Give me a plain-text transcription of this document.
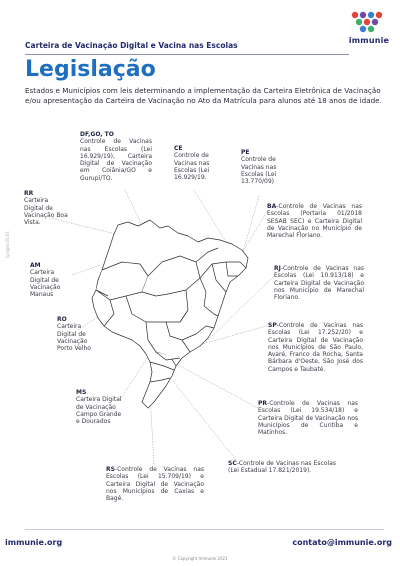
immunie
Carteira de Vacinação Digital e Vacina nas Escolas
Legislação
Estados e Municípios com leis determinando a implementação da Carteira Eletrônica de Vacinação e/ou apresentação da Carteira de Vacinação no Ato da Matrícula para alunos até 18 anos de idade.
Igrapro.00.01
DF,GO, TO
Controle de Vacinas nas Escolas (Lei 16.929/19), Carteira Digital de Vacinação em Coiânia/GO e Gurupi/TO.
CE
Controle de Vacinas nas Escolas (Lei 16.929/19.
PE
Controle de Vacinas nas Escolas (Lei 13.770/09)
RR
Carteira Digital de Vacinação Boa Vista.
BA-Controle de Vacinas nas Escolas (Portaria 01/2018 SESAB SEC) e Carteira Digital de Vacinação no Município de Marechal Floriano.
AM
Carteira Digital de Vacinação Manaus
RJ-Controle de Vacinas nas Escolas (Lei 10.913/18) e Carteira Digital de Vacinação nos Municipio de Marechal Floriano.
RO
Carteira Digital de Vacinação Porto Velho
SP-Controle de Vacinas nas Escolas (Lei 17.252/20) e Carteira Digital de Vacinação nos Municípios de São Paulo, Avaré, Franco da Rocha, Santa Bárbara d'Oeste, São José dos Campos e Taubaté.
MS
Carteira Digital de Vacinação Campo Grande e Dourados
PR-Controle de Vacinas nas Escolas (Lei 19.534/18) e Carteira Digital de Vacinação nos Municípios de Curitiba e Matinhos.
RS-Controle de Vacinas nas Escolas (Lei 15.709/19) e Carteira Digital de Vacinação nos Municípios de Caxias e Bagé.
SC-Controle de Vacinas nas Escolas (Lei Estadual 17.821/2019).
immunie.org	contato@immunie.org
© Copyright Immunie 2021
